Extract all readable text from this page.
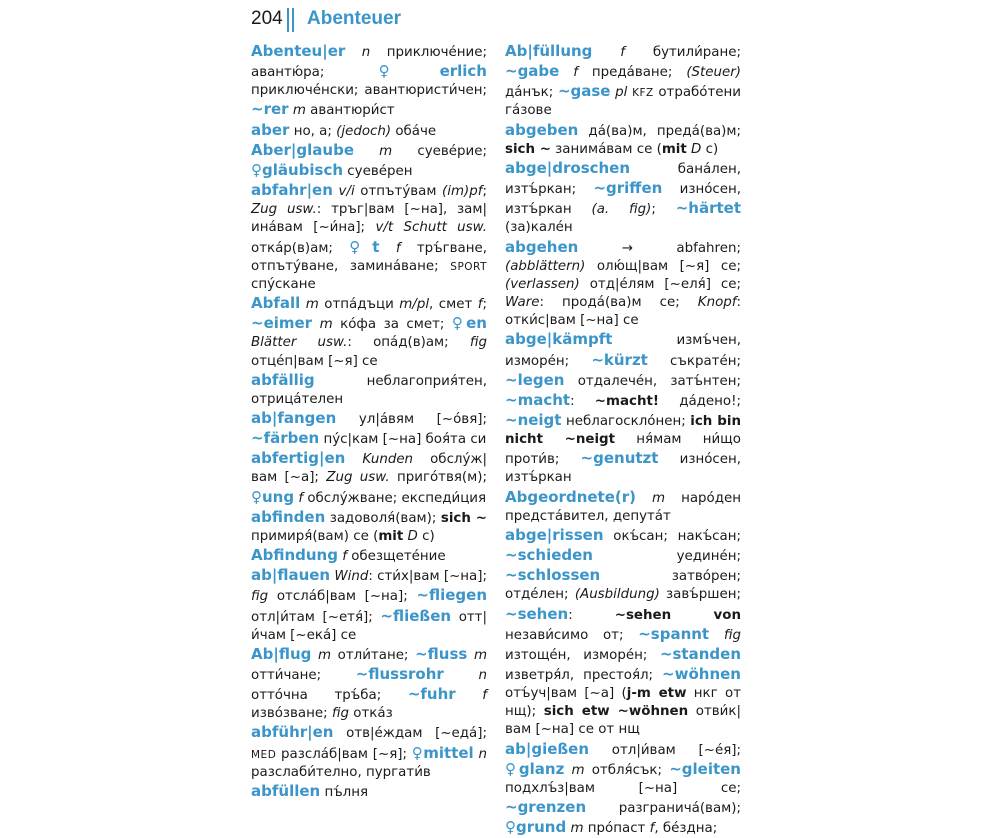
204 Abenteuer

Abenteu|er n приключе́ние; авантю́ра; ♀erlich приключе́нски; авантюристи́чен; ~rer m авантюри́ст

aber но, а; (jedoch) оба́че

Aber|glaube m суеве́рие; ♀gläubisch суеве́рен

abfahr|en v/i отпъту́вам (im)pf; Zug usw.: тръг|вам [~на], зам|ина́вам [~и́на]; v/t Schutt usw. отка́р(в)ам; ♀t f тръ́гване, отпъту́ване, замина́ване; SPORT спу́скане

Abfall m отпа́дъци m/pl, смет f; ~eimer m ко́фа за смет; ♀en Blätter usw.: опа́д(в)ам; fig отце́п|вам [~я] се

abfällig неблагоприя́тен, отрица́телен

ab|fangen ул|а́вям [~о́вя]; ~färben пу́с|кам [~на] боя́та си

abfertig|en Kunden обслу́ж|вам [~а]; Zug usw. приго́твя(м); ♀ung f обслу́жване; експеди́ция

abfinden задоволя́(вам); sich ~ примиря́(вам) се (mit D с)

Abfindung f обезщете́ние

ab|flauen Wind: сти́х|вам [~на]; fig отсла́б|вам [~на]; ~fliegen отл|и́там [~етя́]; ~fließen отт|и́чам [~ека́] се

Ab|flug m отли́тане; ~fluss m отти́чане; ~flussrohr	n отто́чна тръ́ба; ~fuhr f изво́зване; fig отка́з

abführ|en отв|е́ждам [~еда́]; MED разсла́б|вам [~я]; ♀mittel n разслаби́телно, пургати́в

abfüllen пъ́лня

Ab|füllung f бутили́ране; ~gabe f преда́ване; (Steuer) да́нък; ~gase pl KFZ отрабо́тени га́зове

abgeben да́(ва)м, преда́(ва)м; sich ~ занима́вам се (mit D с)

abge|droschen бана́лен, изтъ́ркан; ~griffen изно́сен, изтъ́ркан (a. fig); ~härtet (за)кале́н

abgehen → abfahren; (abblättern) олю́щ|вам [~я] се; (verlassen) отд|е́лям [~еля́] се; Ware: прода́(ва)м се; Knopf: отки́с|вам [~на] се

abge|kämpft измъ́чен, изморе́н; ~kürzt съкрате́н; ~legen отдалече́н, затъ́нтен; ~macht: ~macht! да́дено!; ~neigt неблагосклóнен; ich bin nicht ~neigt ня́мам ни́що проти́в; ~genutzt изно́сен, изтъ́ркан

Abgeordnete(r) m наро́ден предста́вител, депута́т

abge|rissen окъ́сан; накъ́сан; ~schieden уедине́н; ~schlossen затво́рен; отде́лен; (Ausbildung) завъ́ршен; ~sehen: ~sehen von незави́симо от; ~spannt fig изтоще́н, изморе́н; ~standen изветря́л, престоя́л; ~wöhnen отъ́уч|вам [~а] (j-m etw нкг от нщ); sich etw ~wöhnen отви́к|вам [~на] се от нщ

ab|gießen отл|и́вам [~е́я]; ♀glanz m отбля́сък; ~gleiten подхлъ́з|вам [~на] се; ~grenzen разгранича́(вам); ♀grund m про́паст f, бе́здна;
